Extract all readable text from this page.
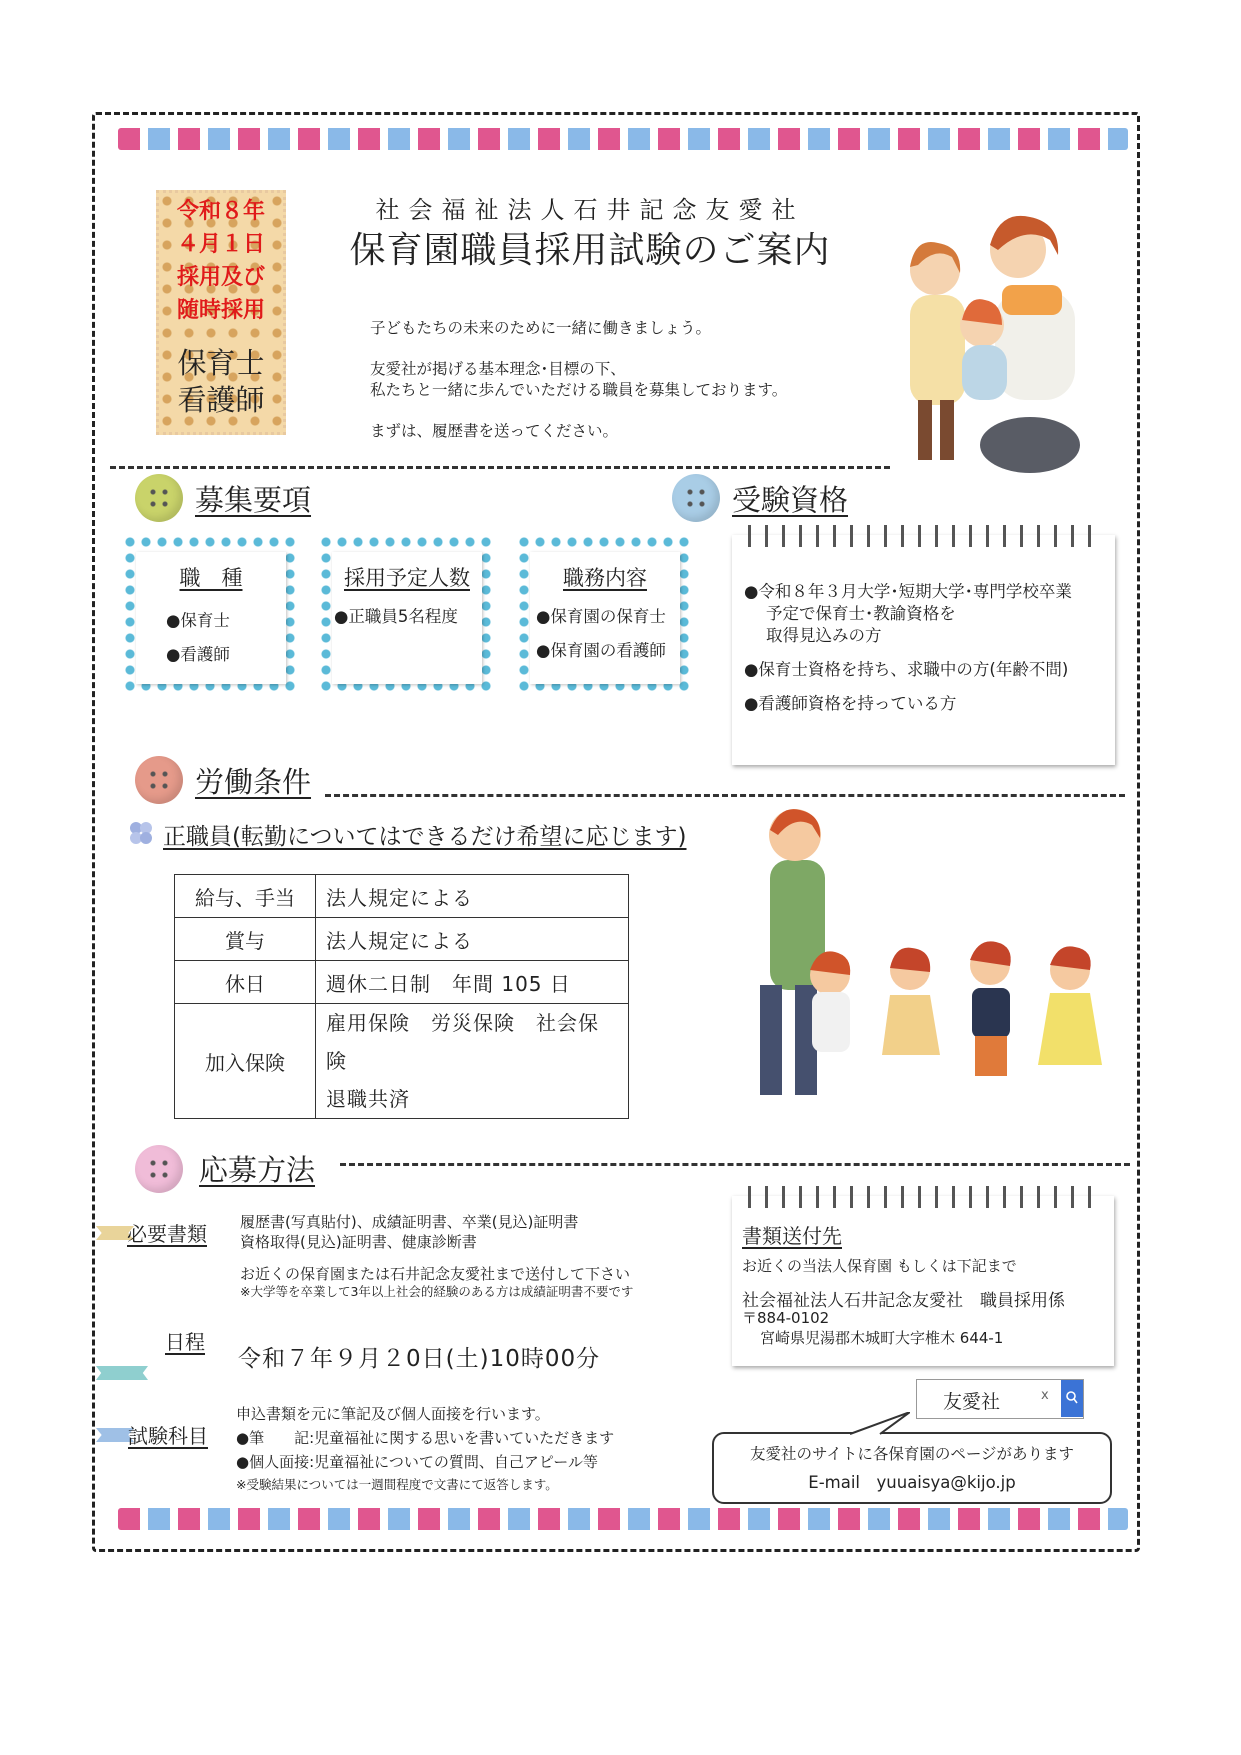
令和８年
４月１日
採用及び
随時採用
保育士
看護師
社会福祉法人石井記念友愛社
保育園職員採用試験のご案内
子どもたちの未来のために一緒に働きましょう。
友愛社が掲げる基本理念･目標の下、
私たちと一緒に歩んでいただける職員を募集しております。
まずは、履歴書を送ってください。
募集要項
職　種
●保育士
●看護師
採用予定人数
●正職員5名程度
職務内容
●保育園の保育士
●保育園の看護師
受験資格
●令和８年３月大学･短期大学･専門学校卒業
予定で保育士･教諭資格を
取得見込みの方
●保育士資格を持ち、求職中の方(年齢不問)
●看護師資格を持っている方
労働条件
正職員(転勤についてはできるだけ希望に応じます)
給与、手当	法人規定による
賞与	法人規定による
休日	週休二日制　年間 105 日
加入保険	雇用保険　労災保険　社会保険
退職共済
応募方法
必要書類 履歴書(写真貼付)、成績証明書、卒業(見込)証明書
資格取得(見込)証明書、健康診断書
お近くの保育園または石井記念友愛社まで送付して下さい
※大学等を卒業して3年以上社会的経験のある方は成績証明書不要です
日程
令和７年９月２0日(土)10時00分
試験科目
申込書類を元に筆記及び個人面接を行います。
●筆　　記:児童福祉に関する思いを書いていただきます
●個人面接:児童福祉についての質問、自己アピール等
※受験結果については一週間程度で文書にて返答します。
書類送付先
お近くの当法人保育園 もしくは下記まで
社会福祉法人石井記念友愛社　職員採用係
〒884-0102
宮崎県児湯郡木城町大字椎木 644-1
友愛社	x
友愛社のサイトに各保育園のページがあります
E-mail　yuuaisya@kijo.jp
